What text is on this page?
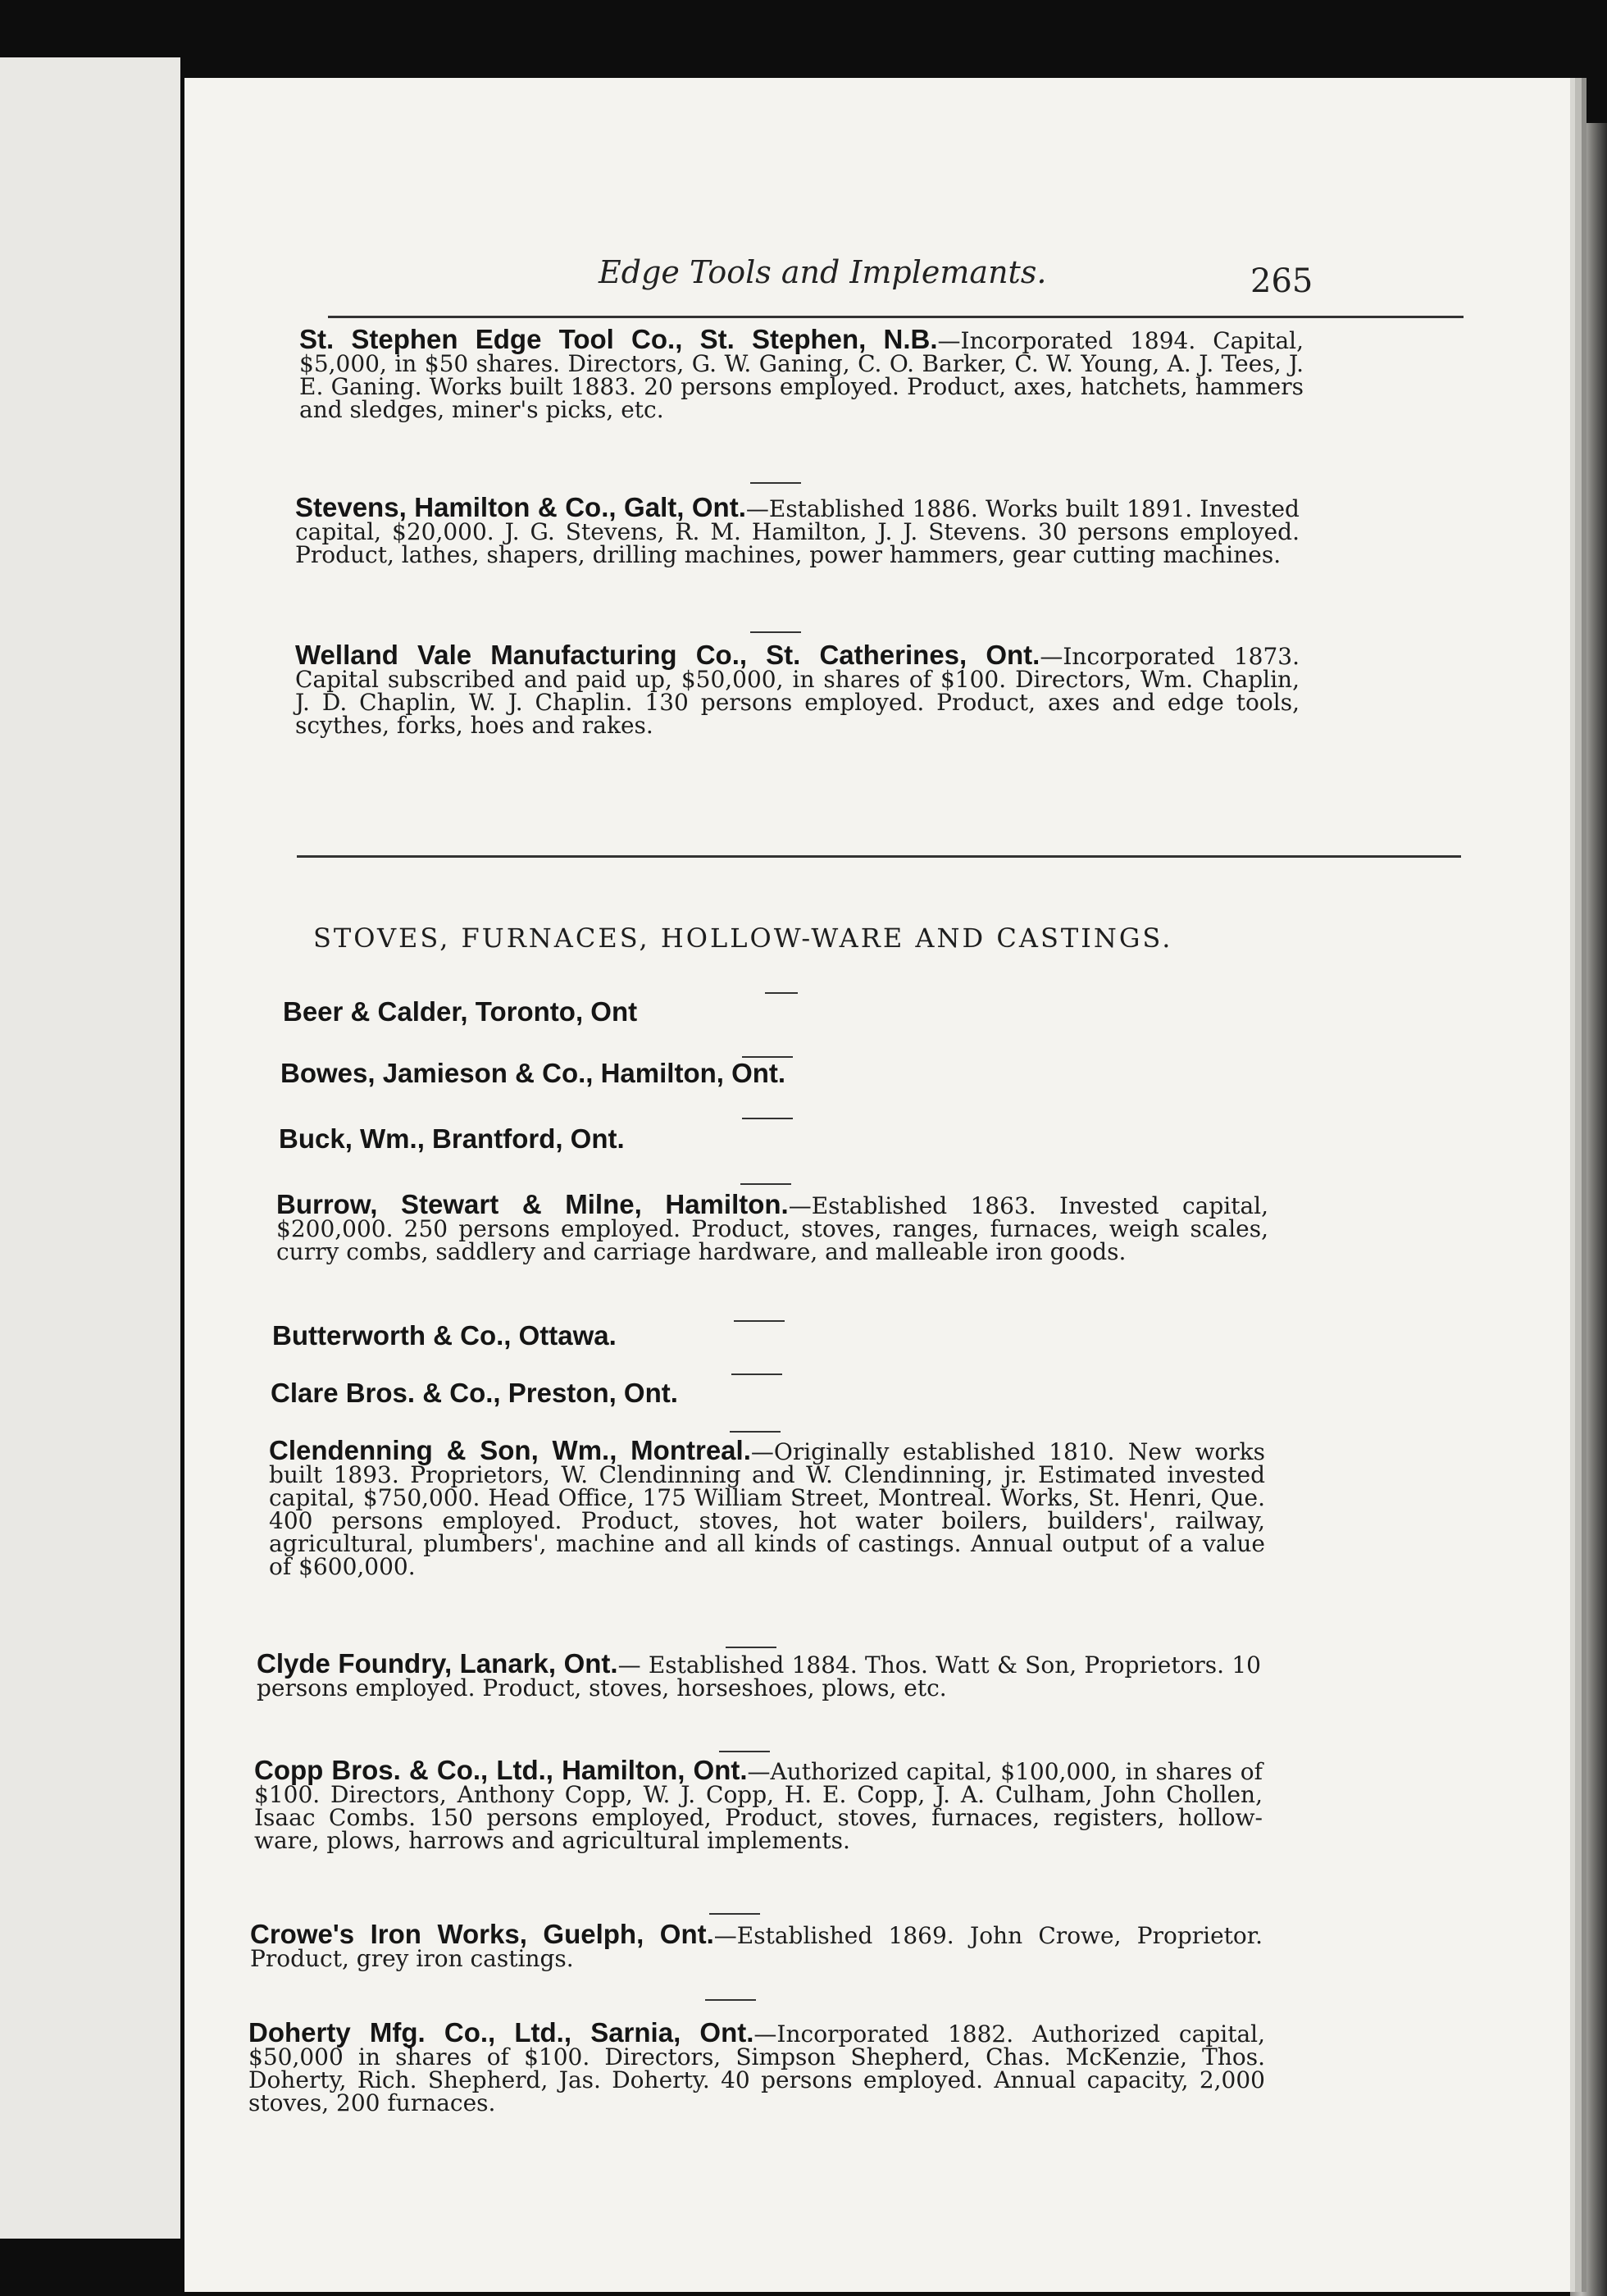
Edge Tools and Implemants.	265
St. Stephen Edge Tool Co., St. Stephen, N.B.—Incorporated 1894. Capital, $5,000, in $50 shares. Directors, G. W. Ganing, C. O. Barker, C. W. Young, A. J. Tees, J. E. Ganing. Works built 1883. 20 persons employed. Product, axes, hatchets, hammers and sledges, miner's picks, etc.
Stevens, Hamilton & Co., Galt, Ont.—Established 1886. Works built 1891. Invested capital, $20,000. J. G. Stevens, R. M. Hamilton, J. J. Stevens. 30 persons employed. Product, lathes, shapers, drilling machines, power hammers, gear cutting machines.
Welland Vale Manufacturing Co., St. Catherines, Ont.—Incorporated 1873. Capital subscribed and paid up, $50,000, in shares of $100. Directors, Wm. Chaplin, J. D. Chaplin, W. J. Chaplin. 130 persons employed. Product, axes and edge tools, scythes, forks, hoes and rakes.
STOVES, FURNACES, HOLLOW-WARE AND CASTINGS.
Beer & Calder, Toronto, Ont
Bowes, Jamieson & Co., Hamilton, Ont.
Buck, Wm., Brantford, Ont.
Burrow, Stewart & Milne, Hamilton.—Established 1863. Invested capital, $200,000. 250 persons employed. Product, stoves, ranges, furnaces, weigh scales, curry combs, saddlery and carriage hardware, and malleable iron goods.
Butterworth & Co., Ottawa.
Clare Bros. & Co., Preston, Ont.
Clendenning & Son, Wm., Montreal.—Originally established 1810. New works built 1893. Proprietors, W. Clendinning and W. Clendinning, jr. Estimated invested capital, $750,000. Head Office, 175 William Street, Montreal. Works, St. Henri, Que. 400 persons employed. Product, stoves, hot water boilers, builders', railway, agricultural, plumbers', machine and all kinds of castings. Annual output of a value of $600,000.
Clyde Foundry, Lanark, Ont.— Established 1884. Thos. Watt & Son, Proprietors. 10 persons employed. Product, stoves, horseshoes, plows, etc.
Copp Bros. & Co., Ltd., Hamilton, Ont.—Authorized capital, $100,000, in shares of $100. Directors, Anthony Copp, W. J. Copp, H. E. Copp, J. A. Culham, John Chollen, Isaac Combs. 150 persons employed, Product, stoves, furnaces, registers, hollow-ware, plows, harrows and agricultural implements.
Crowe's Iron Works, Guelph, Ont.—Established 1869. John Crowe, Proprietor. Product, grey iron castings.
Doherty Mfg. Co., Ltd., Sarnia, Ont.—Incorporated 1882. Authorized capital, $50,000 in shares of $100. Directors, Simpson Shepherd, Chas. McKenzie, Thos. Doherty, Rich. Shepherd, Jas. Doherty. 40 persons employed. Annual capacity, 2,000 stoves, 200 furnaces.
